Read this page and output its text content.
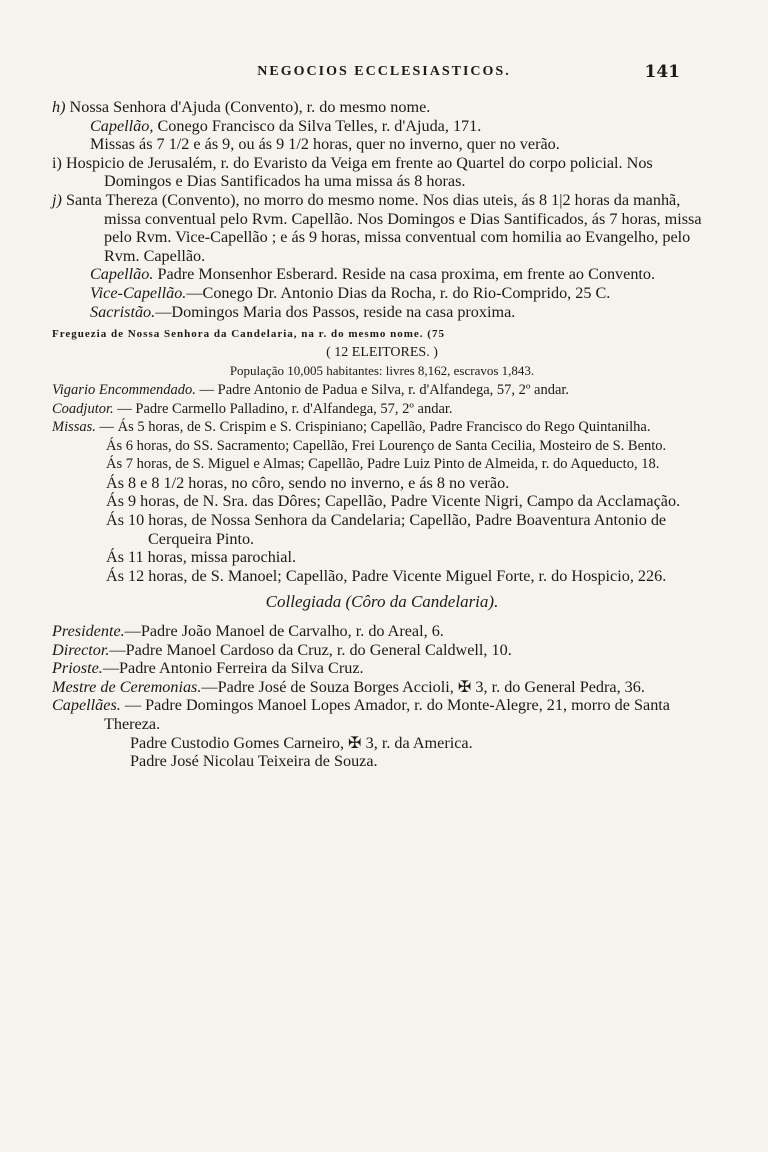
NEGOCIOS ECCLESIASTICOS.	141

h) Nossa Senhora d'Ajuda (Convento), r. do mesmo nome.

Capellão, Conego Francisco da Silva Telles, r. d'Ajuda, 171.

Missas ás 7 1/2 e ás 9, ou ás 9 1/2 horas, quer no inverno, quer no verão.

i) Hospicio de Jerusalém, r. do Evaristo da Veiga em frente ao Quartel do corpo policial. Nos Domingos e Dias Santificados ha uma missa ás 8 horas.

j) Santa Thereza (Convento), no morro do mesmo nome. Nos dias uteis, ás 8 1|2 horas da manhã, missa conventual pelo Rvm. Capellão. Nos Domingos e Dias Santificados, ás 7 horas, missa pelo Rvm. Vice-Capellão ; e ás 9 horas, missa conventual com homilia ao Evangelho, pelo Rvm. Capellão.

Capellão. Padre Monsenhor Esberard. Reside na casa proxima, em frente ao Convento.

Vice-Capellão.—Conego Dr. Antonio Dias da Rocha, r. do Rio-Comprido, 25 C.

Sacristão.—Domingos Maria dos Passos, reside na casa proxima.

Freguezia de Nossa Senhora da Candelaria, na r. do mesmo nome. (75

( 12 ELEITORES. )

População 10,005 habitantes: livres 8,162, escravos 1,843.

Vigario Encommendado. — Padre Antonio de Padua e Silva, r. d'Alfandega, 57, 2º andar.

Coadjutor. — Padre Carmello Palladino, r. d'Alfandega, 57, 2º andar.

Missas. — Ás 5 horas, de S. Crispim e S. Crispiniano; Capellão, Padre Francisco do Rego Quintanilha.

Ás 6 horas, do SS. Sacramento; Capellão, Frei Lourenço de Santa Cecilia, Mosteiro de S. Bento.

Ás 7 horas, de S. Miguel e Almas; Capellão, Padre Luiz Pinto de Almeida, r. do Aqueducto, 18.

Ás 8 e 8 1/2 horas, no côro, sendo no inverno, e ás 8 no verão.

Ás 9 horas, de N. Sra. das Dôres; Capellão, Padre Vicente Nigri, Campo da Acclamação.

Ás 10 horas, de Nossa Senhora da Candelaria; Capellão, Padre Boaventura Antonio de Cerqueira Pinto.

Ás 11 horas, missa parochial.

Ás 12 horas, de S. Manoel; Capellão, Padre Vicente Miguel Forte, r. do Hospicio, 226.

Collegiada (Côro da Candelaria).

Presidente.—Padre João Manoel de Carvalho, r. do Areal, 6.

Director.—Padre Manoel Cardoso da Cruz, r. do General Caldwell, 10.

Prioste.—Padre Antonio Ferreira da Silva Cruz.

Mestre de Ceremonias.—Padre José de Souza Borges Accioli, ✠ 3, r. do General Pedra, 36.

Capellães. — Padre Domingos Manoel Lopes Amador, r. do Monte-Alegre, 21, morro de Santa Thereza.

Padre Custodio Gomes Carneiro, ✠ 3, r. da America.

Padre José Nicolau Teixeira de Souza.
